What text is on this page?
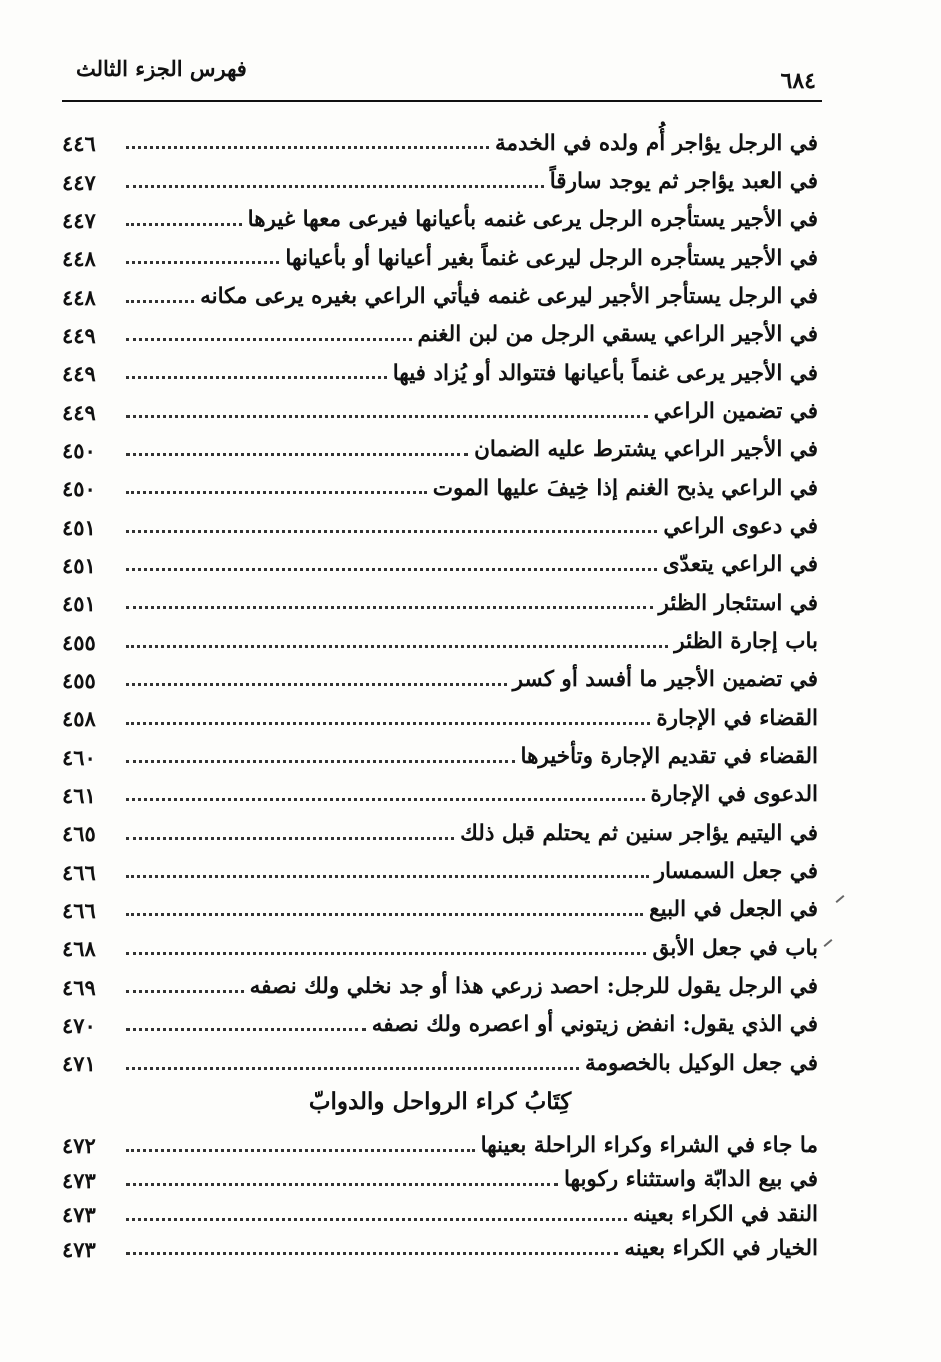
فهرس الجزء الثالث	٦٨٤
في الرجل يؤاجر أُم ولده في الخدمة
٤٤٦
في العبد يؤاجر ثم يوجد سارقاً
٤٤٧
في الأجير يستأجره الرجل يرعى غنمه بأعيانها فيرعى معها غيرها
٤٤٧
في الأجير يستأجره الرجل ليرعى غنماً بغير أعيانها أو بأعيانها
٤٤٨
في الرجل يستأجر الأجير ليرعى غنمه فيأتي الراعي بغيره يرعى مكانه
٤٤٨
في الأجير الراعي يسقي الرجل من لبن الغنم
٤٤٩
في الأجير يرعى غنماً بأعيانها فتتوالد أو يُزاد فيها
٤٤٩
في تضمين الراعي
٤٤٩
في الأجير الراعي يشترط عليه الضمان
٤٥٠
في الراعي يذبح الغنم إذا خِيفَ عليها الموت
٤٥٠
في دعوى الراعي
٤٥١
في الراعي يتعدّى
٤٥١
في استئجار الظئر
٤٥١
باب إجارة الظئر
٤٥٥
في تضمين الأجير ما أفسد أو كسر
٤٥٥
القضاء في الإجارة
٤٥٨
القضاء في تقديم الإجارة وتأخيرها
٤٦٠
الدعوى في الإجارة
٤٦١
في اليتيم يؤاجر سنين ثم يحتلم قبل ذلك
٤٦٥
في جعل السمسار
٤٦٦
في الجعل في البيع
٤٦٦
باب في جعل الأبق
٤٦٨
في الرجل يقول للرجل: احصد زرعي هذا أو جد نخلي ولك نصفه
٤٦٩
في الذي يقول: انفض زيتوني أو اعصره ولك نصفه
٤٧٠
في جعل الوكيل بالخصومة
٤٧١
كِتَابُ كراء الرواحل والدوابّ
ما جاء في الشراء وكراء الراحلة بعينها
٤٧٢
في بيع الدابّة واستثناء ركوبها
٤٧٣
النقد في الكراء بعينه
٤٧٣
الخيار في الكراء بعينه
٤٧٣
